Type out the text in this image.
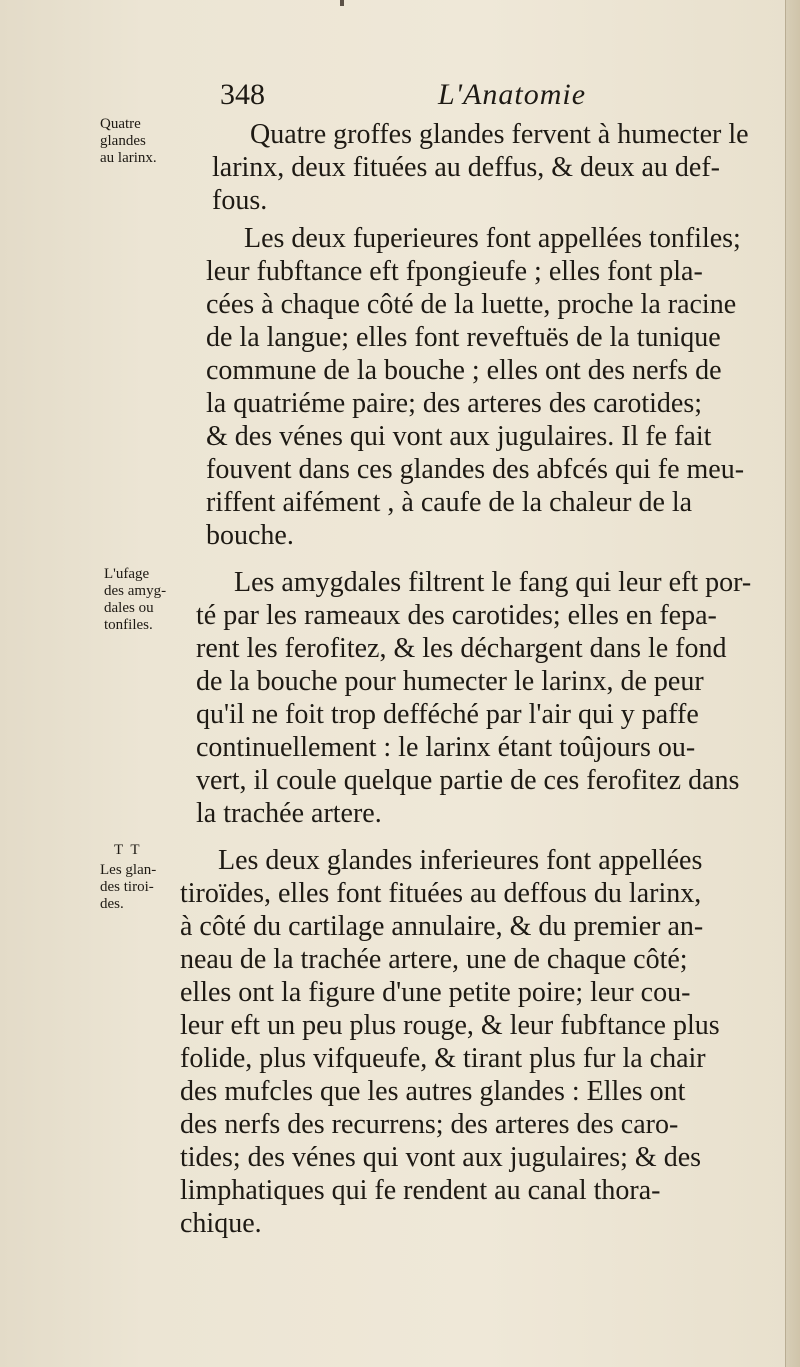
348	L'Anatomie
Quatre
glandes
au larinx.
L'ufage
des amyg-
dales ou
tonfiles.
T T
Les glan-
des tiroi-
des.
Quatre groffes glandes fervent à humecter le
larinx, deux fituées au deffus, & deux au def-
fous.
Les deux fuperieures font appellées tonfiles;
leur fubftance eft fpongieufe ; elles font pla-
cées à chaque côté de la luette, proche la racine
de la langue; elles font reveftuës de la tunique
commune de la bouche ; elles ont des nerfs de
la quatriéme paire; des arteres des carotides;
& des vénes qui vont aux jugulaires. Il fe fait
fouvent dans ces glandes des abfcés qui fe meu-
riffent aifément , à caufe de la chaleur de la
bouche.
Les amygdales filtrent le fang qui leur eft por-
té par les rameaux des carotides; elles en fepa-
rent les ferofitez, & les déchargent dans le fond
de la bouche pour humecter le larinx, de peur
qu'il ne foit trop defféché par l'air qui y paffe
continuellement : le larinx étant toûjours ou-
vert, il coule quelque partie de ces ferofitez dans
la trachée artere.
Les deux glandes inferieures font appellées
tiroïdes, elles font fituées au deffous du larinx,
à côté du cartilage annulaire, & du premier an-
neau de la trachée artere, une de chaque côté;
elles ont la figure d'une petite poire; leur cou-
leur eft un peu plus rouge, & leur fubftance plus
folide, plus vifqueufe, & tirant plus fur la chair
des mufcles que les autres glandes : Elles ont
des nerfs des recurrens; des arteres des caro-
tides; des vénes qui vont aux jugulaires; & des
limphatiques qui fe rendent au canal thora-
chique.
